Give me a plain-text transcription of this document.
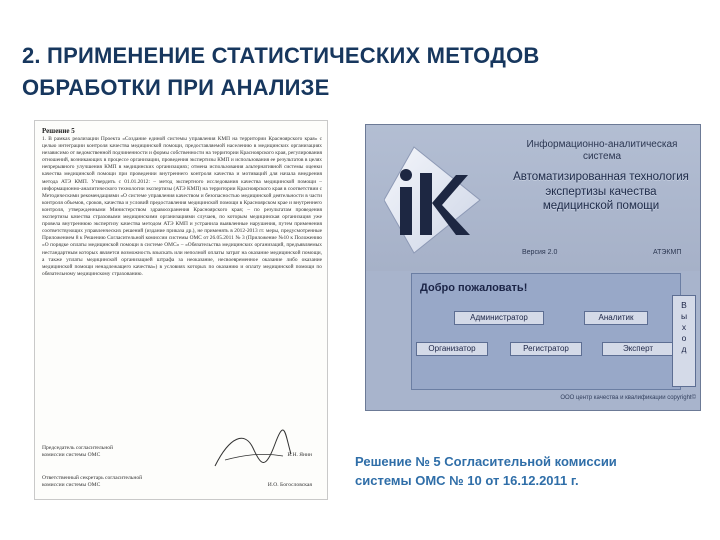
2. ПРИМЕНЕНИЕ СТАТИСТИЧЕСКИХ МЕТОДОВ
ОБРАБОТКИ ПРИ АНАЛИЗЕ
Решение 5
1. В рамках реализации Проекта «Создание единой системы управления КМП на территории Красноярского края» с целью интеграции контроля качества медицинской помощи, предоставляемой населению в медицинских организациях независимо от ведомственной подчиненности и формы собственности на территории Красноярского края, регулирования отношений, возникающих в процессе организации, проведения экспертизы КМП и использования ее результатов в целях непрерывного улучшения КМП в медицинских организациях; отмена использования альтернативной системы оценки качества медицинской помощи при проведении внутреннего контроля качества и мотиваций для начала внедрения метода АТЭ КМП. Утвердить с 01.01.2012: – метод экспертного исследования качества медицинской помощи – информационно-аналитического технологии экспертизы (АТЭ КМП) на территории Красноярского края в соответствии с Методическими рекомендациями «О системе управления качеством и безопасностью медицинской деятельности в части контроля объемов, сроков, качества и условий предоставления медицинской помощи в Красноярском крае и внутреннего контроля, утвержденными Министерством здравоохранения Красноярского края; – по результатам проведения экспертизы качества страховыми медицинскими организациями случаев, по которым медицинская организация уже провела внутреннюю экспертизу качества методом АТЭ КМП и устранила выявленные нарушения, путем применения соответствующих управленческих решений (издание приказа др.), не применять в 2012-2013 гг. меры, предусмотренные Приложением 8 к Решению Согласительной комиссии системы ОМС от 26.05.2011 № 3 (Приложение №10 к Положению «О порядке оплаты медицинской помощи в системе ОМС» – «Обязательства медицинских организаций, предъявляемых нестандартным которых является возможность взыскать или неполной оплаты затрат на оказание медицинской помощи, а также уплаты медицинской организацией штрафа за неоказание, несвоевременное оказание либо оказание медицинской помощи ненадлежащего качества») в условиях которых по оказанию и оплату медицинской помощи по обязательному медицинскому страхованию.
Председатель согласительной
комиссии системы ОМС	В.Н. Янин
Ответственный секретарь согласительной
комиссии системы ОМС	И.О. Богословская
Информационно-аналитическая
система
Автоматизированная технология
экспертизы качества
медицинской помощи
Версия 2.0	АТЭКМП
Добро пожаловать!
Администратор	Аналитик
Организатор	Регистратор	Эксперт
В
ы
х
о
д
ООО центр качества и квалификации copyright©
Решение № 5 Согласительной комиссии
системы ОМС № 10 от 16.12.2011 г.
